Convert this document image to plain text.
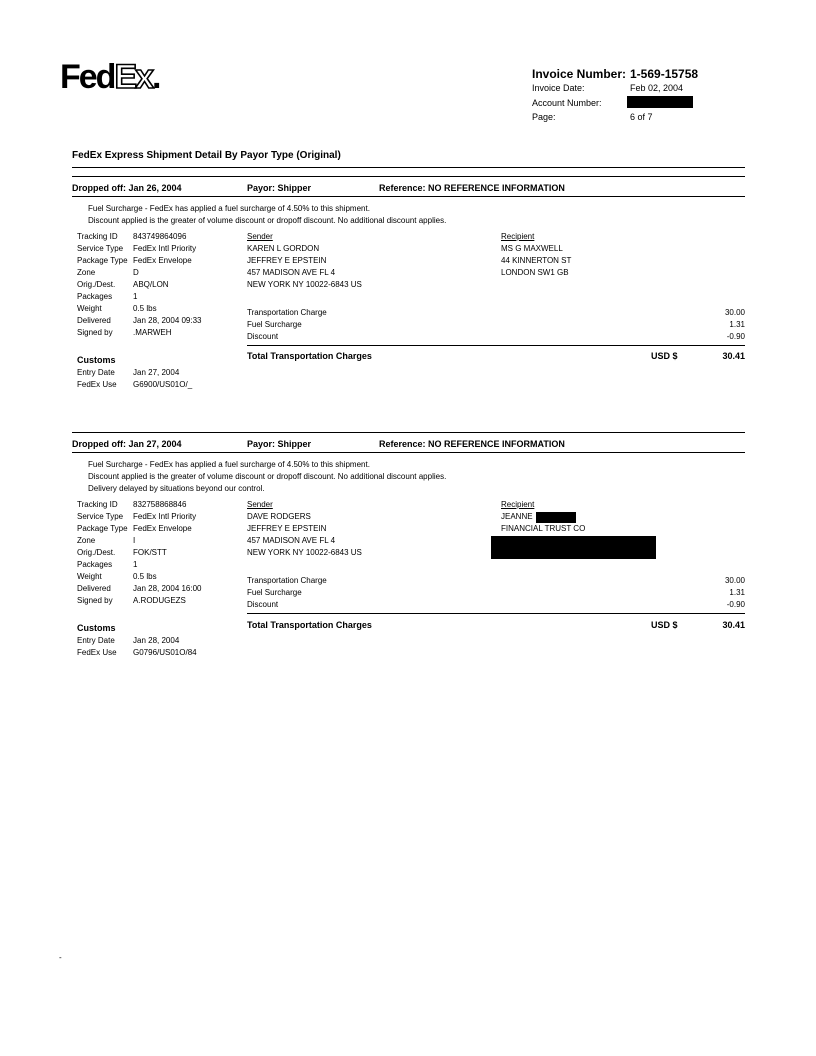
FedEx.	Invoice Number: 1-569-15758
Invoice Date:	Feb 02, 2004
Account Number:
Page:	6 of 7
FedEx Express Shipment Detail By Payor Type (Original)
Dropped off: Jan 26, 2004	Payor: Shipper	Reference: NO REFERENCE INFORMATION
Fuel Surcharge - FedEx has applied a fuel surcharge of 4.50% to this shipment.
Discount applied is the greater of volume discount or dropoff discount. No additional discount applies.
Tracking ID 843749864096
Service Type FedEx Intl Priority
Package Type FedEx Envelope
Zone	D
Orig./Dest. ABQ/LON
Packages	1
Weight	0.5 lbs
Delivered	Jan 28, 2004 09:33
Signed by	.MARWEH
Sender
KAREN L GORDON
JEFFREY E EPSTEIN
457 MADISON AVE FL 4
NEW YORK NY 10022-6843 US
Recipient
MS G MAXWELL
44 KINNERTON ST
LONDON SW1 GB
Transportation Charge	30.00
Fuel Surcharge	1.31
Discount	-0.90
Total Transportation Charges	USD $	30.41
Customs
Entry Date Jan 27, 2004
FedEx Use G6900/US01O/_
Dropped off: Jan 27, 2004	Payor: Shipper	Reference: NO REFERENCE INFORMATION
Fuel Surcharge - FedEx has applied a fuel surcharge of 4.50% to this shipment.
Discount applied is the greater of volume discount or dropoff discount. No additional discount applies.
Delivery delayed by situations beyond our control.
Tracking ID 832758868846
Service Type FedEx Intl Priority
Package Type FedEx Envelope
Zone	I
Orig./Dest. FOK/STT
Packages	1
Weight	0.5 lbs
Delivered	Jan 28, 2004 16:00
Signed by	A.RODUGEZS
Sender
DAVE RODGERS
JEFFREY E EPSTEIN
457 MADISON AVE FL 4
NEW YORK NY 10022-6843 US
Recipient
JEANNE
FINANCIAL TRUST CO
Transportation Charge	30.00
Fuel Surcharge	1.31
Discount	-0.90
Total Transportation Charges	USD $	30.41
Customs
Entry Date Jan 28, 2004
FedEx Use G0796/US01O/84
-
